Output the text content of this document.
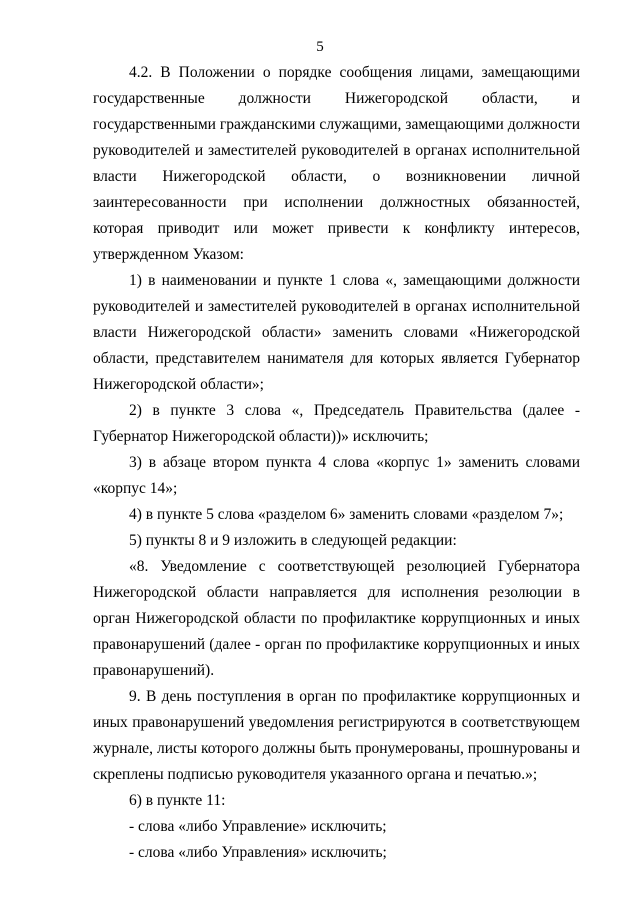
5

4.2. В Положении о порядке сообщения лицами, замещающими государственные должности Нижегородской области, и государственными гражданскими служащими, замещающими должности руководителей и заместителей руководителей в органах исполнительной власти Нижегородской области, о возникновении личной заинтересованности при исполнении должностных обязанностей, которая приводит или может привести к конфликту интересов, утвержденном Указом:

1) в наименовании и пункте 1 слова «, замещающими должности руководителей и заместителей руководителей в органах исполнительной власти Нижегородской области» заменить словами «Нижегородской области, представителем нанимателя для которых является Губернатор Нижегородской области»;

2) в пункте 3 слова «, Председатель Правительства (далее - Губернатор Нижегородской области))» исключить;

3) в абзаце втором пункта 4 слова «корпус 1» заменить словами «корпус 14»;

4) в пункте 5 слова «разделом 6» заменить словами «разделом 7»;

5) пункты 8 и 9 изложить в следующей редакции:

«8. Уведомление с соответствующей резолюцией Губернатора Нижегородской области направляется для исполнения резолюции в орган Нижегородской области по профилактике коррупционных и иных правонарушений (далее - орган по профилактике коррупционных и иных правонарушений).

9. В день поступления в орган по профилактике коррупционных и иных правонарушений уведомления регистрируются в соответствующем журнале, листы которого должны быть пронумерованы, прошнурованы и скреплены подписью руководителя указанного органа и печатью.»;

6) в пункте 11:

- слова «либо Управление» исключить;

- слова «либо Управления» исключить;
